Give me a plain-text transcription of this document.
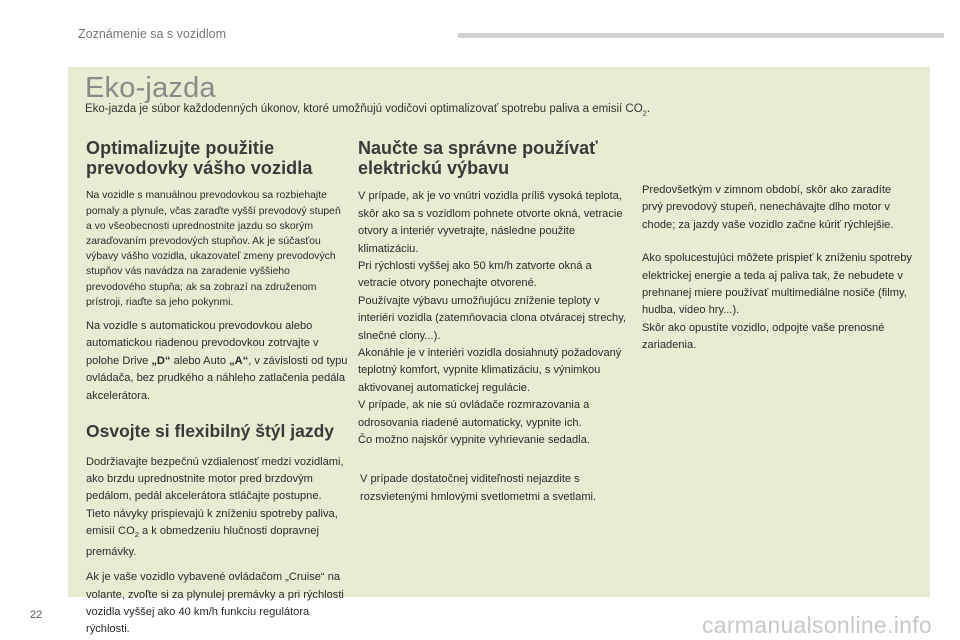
Zoznámenie sa s vozidlom
Eko-jazda
Eko-jazda je súbor každodenných úkonov, ktoré umožňujú vodičovi optimalizovať spotrebu paliva a emisií $CO_2$.
Optimalizujte použitie prevodovky vášho vozidla

Na vozidle s manuálnou prevodovkou sa rozbiehajte pomaly a plynule, včas zaraďte vyšší prevodový stupeň a vo všeobecnosti uprednostnite jazdu so skorým zaraďovaním prevodových stupňov. Ak je súčasťou výbavy vášho vozidla, ukazovateľ zmeny prevodových stupňov vás navádza na zaradenie vyššieho prevodového stupňa; ak sa zobrazí na združenom prístroji, riaďte sa jeho pokynmi.

Na vozidle s automatickou prevodovkou alebo automatickou riadenou prevodovkou zotrvajte v polohe Drive „D“ alebo Auto „A“, v závislosti od typu ovládača, bez prudkého a náhleho zatlačenia pedála akcelerátora.

Osvojte si flexibilný štýl jazdy

Dodržiavajte bezpečnú vzdialenosť medzi vozidlami, ako brzdu uprednostnite motor pred brzdovým pedálom, pedál akcelerátora stláčajte postupne. Tieto návyky prispievajú k zníženiu spotreby paliva, emisií $CO_2$ a k obmedzeniu hlučnosti dopravnej premávky.

Ak je vaše vozidlo vybavené ovládačom „Cruise“ na volante, zvoľte si za plynulej premávky a pri rýchlosti vozidla vyššej ako 40 km/h funkciu regulátora rýchlosti.

Naučte sa správne používať elektrickú výbavu

V prípade, ak je vo vnútri vozidla príliš vysoká teplota, skôr ako sa s vozidlom pohnete otvorte okná, vetracie otvory a interiér vyvetrajte, následne použite klimatizáciu.
Pri rýchlosti vyššej ako 50 km/h zatvorte okná a vetracie otvory ponechajte otvorené.
Používajte výbavu umožňujúcu zníženie teploty v interiéri vozidla (zatemňovacia clona otváracej strechy, slnečné clony...).
Akonáhle je v interiéri vozidla dosiahnutý požadovaný teplotný komfort, vypnite klimatizáciu, s výnimkou aktivovanej automatickej regulácie.
V prípade, ak nie sú ovládače rozmrazovania a odrosovania riadené automaticky, vypnite ich.
Čo možno najskôr vypnite vyhrievanie sedadla.

V prípade dostatočnej viditeľnosti nejazdite s rozsvietenými hmlovými svetlometmi a svetlami.

Predovšetkým v zimnom období, skôr ako zaradíte prvý prevodový stupeň, nenechávajte dlho motor v chode; za jazdy vaše vozidlo začne kúriť rýchlejšie.

Ako spolucestujúci môžete prispieť k zníženiu spotreby elektrickej energie a teda aj paliva tak, že nebudete v prehnanej miere používať multimediálne nosiče (filmy, hudba, video hry...).
Skôr ako opustíte vozidlo, odpojte vaše prenosné zariadenia.

22	carmanualsonline.info
